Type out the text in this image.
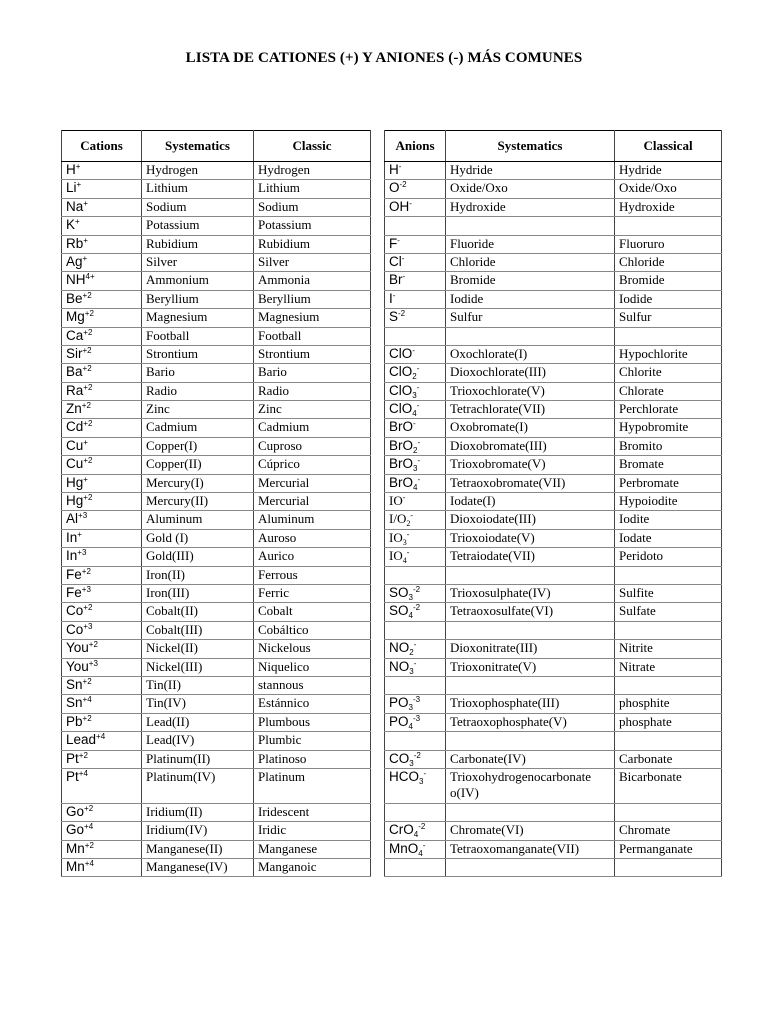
LISTA DE CATIONES (+) Y ANIONES (-) MÁS COMUNES
Cations	Systematics	Classic
H+	Hydrogen	Hydrogen
Li+	Lithium	Lithium
Na+	Sodium	Sodium
K+	Potassium	Potassium
Rb+	Rubidium	Rubidium
Ag+	Silver	Silver
$NH^{4+}$	Ammonium	Ammonia
$Be^{+2}$	Beryllium	Beryllium
$Mg^{+2}$	Magnesium	Magnesium
$Ca^{+2}$	Football	Football
Sir$^{+2}$	Strontium	Strontium
$Ba^{+2}$	Bario	Bario
$Ra^{+2}$	Radio	Radio
$Zn^{+2}$	Zinc	Zinc
$Cd^{+2}$	Cadmium	Cadmium
Cu+	Copper(I)	Cuproso
$Cu^{+2}$	Copper(II)	Cúprico
Hg+	Mercury(I)	Mercurial
$Hg^{+2}$	Mercury(II)	Mercurial
$Al^{+3}$	Aluminum	Aluminum
In+	Gold (I)	Auroso
$In^{+3}$	Gold(III)	Aurico
$Fe^{+2}$	Iron(II)	Ferrous
$Fe^{+3}$	Iron(III)	Ferric
$Co^{+2}$	Cobalt(II)	Cobalt
$Co^{+3}$	Cobalt(III)	Cobáltico
You$^{+2}$	Nickel(II)	Nickelous
You$^{+3}$	Nickel(III)	Niquelico
$Sn^{+2}$	Tin(II)	stannous
$Sn^{+4}$	Tin(IV)	Estánnico
$Pb^{+2}$	Lead(II)	Plumbous
Lead$^{+4}$	Lead(IV)	Plumbic
$Pt^{+2}$	Platinum(II)	Platinoso
$Pt^{+4}$	Platinum(IV)	Platinum
$Go^{+2}$	Iridium(II)	Iridescent
$Go^{+4}$	Iridium(IV)	Iridic
$Mn^{+2}$	Manganese(II)	Manganese
$Mn^{+4}$	Manganese(IV)	Manganoic
Anions	Systematics	Classical
H-	Hydride	Hydride
$O^{-2}$	Oxide/Oxo	Oxide/Oxo
OH-	Hydroxide	Hydroxide

F-	Fluoride	Fluoruro
Cl-	Chloride	Chloride
Br-	Bromide	Bromide
I-	Iodide	Iodide
$S^{-2}$	Sulfur	Sulfur

ClO-	Oxochlorate(I)	Hypochlorite
ClO$_2$-	Dioxochlorate(III)	Chlorite
ClO$_3$-	Trioxochlorate(V)	Chlorate
ClO$_4$-	Tetrachlorate(VII)	Perchlorate
BrO-	Oxobromate(I)	Hypobromite
BrO$_2$-	Dioxobromate(III)	Bromito
BrO$_3$-	Trioxobromate(V)	Bromate
BrO$_4$-	Tetraoxobromate(VII)	Perbromate
IO-	Iodate(I)	Hypoiodite
$I/O_2^-$	Dioxoiodate(III)	Iodite
$IO_3^-$	Trioxoiodate(V)	Iodate
$IO_4^-$	Tetraiodate(VII)	Peridoto

$SO_3^{-2}$	Trioxosulphate(IV)	Sulfite
$SO_4^{-2}$	Tetraoxosulfate(VI)	Sulfate

$NO_2^-$	Dioxonitrate(III)	Nitrite
$NO_3^-$	Trioxonitrate(V)	Nitrate

$PO_3^{-3}$	Trioxophosphate(III)	phosphite
$PO_4^{-3}$	Tetraoxophosphate(V)	phosphate

$CO_3^{-2}$	Carbonate(IV)	Carbonate
$HCO_3^-$	Trioxohydrogenocarbonate o(IV)	Bicarbonate

CrO$_4^{-2}$	Chromate(VI)	Chromate
MnO$_4$-	Tetraoxomanganate(VII)	Permanganate
